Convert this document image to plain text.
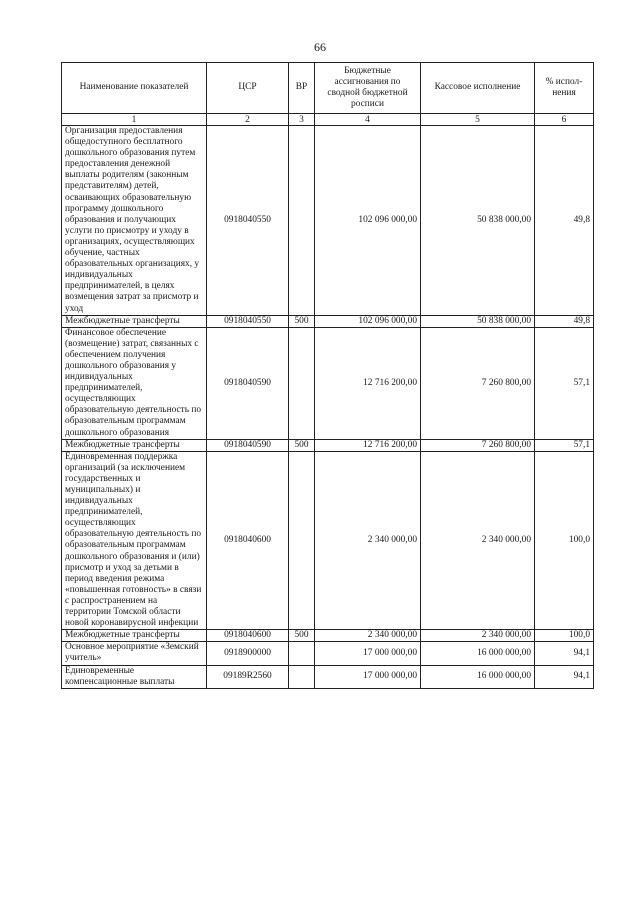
66
Наименование показателей	ЦСР	ВР	Бюджетные ассигнования по сводной бюджетной росписи	Кассовое исполнение	% испол- нения
1	2	3	4	5	6
Организация предоставления общедоступного бесплатного дошкольного образования путем предоставления денежной выплаты родителям (законным представителям) детей, осваивающих образовательную программу дошкольного образования и получающих услуги по присмотру и уходу в организациях, осуществляющих обучение, частных образовательных организациях, у индивидуальных предпринимателей, в целях возмещения затрат за присмотр и уход	0918040550		102 096 000,00	50 838 000,00	49,8
Межбюджетные трансферты	0918040550	500	102 096 000,00	50 838 000,00	49,8
Финансовое обеспечение (возмещение) затрат, связанных с обеспечением получения дошкольного образования у индивидуальных предпринимателей, осуществляющих образовательную деятельность по образовательным программам дошкольного образования	0918040590		12 716 200,00	7 260 800,00	57,1
Межбюджетные трансферты	0918040590	500	12 716 200,00	7 260 800,00	57,1
Единовременная поддержка организаций (за исключением государственных и муниципальных) и индивидуальных предпринимателей, осуществляющих образовательную деятельность по образовательным программам дошкольного образования и (или) присмотр и уход за детьми в период введения режима «повышенная готовность» в связи с распространением на территории Томской области новой коронавирусной инфекции	0918040600		2 340 000,00	2 340 000,00	100,0
Межбюджетные трансферты	0918040600	500	2 340 000,00	2 340 000,00	100,0
Основное мероприятие «Земский учитель»	0918900000		17 000 000,00	16 000 000,00	94,1
Единовременные компенсационные выплаты	09189R2560		17 000 000,00	16 000 000,00	94,1
